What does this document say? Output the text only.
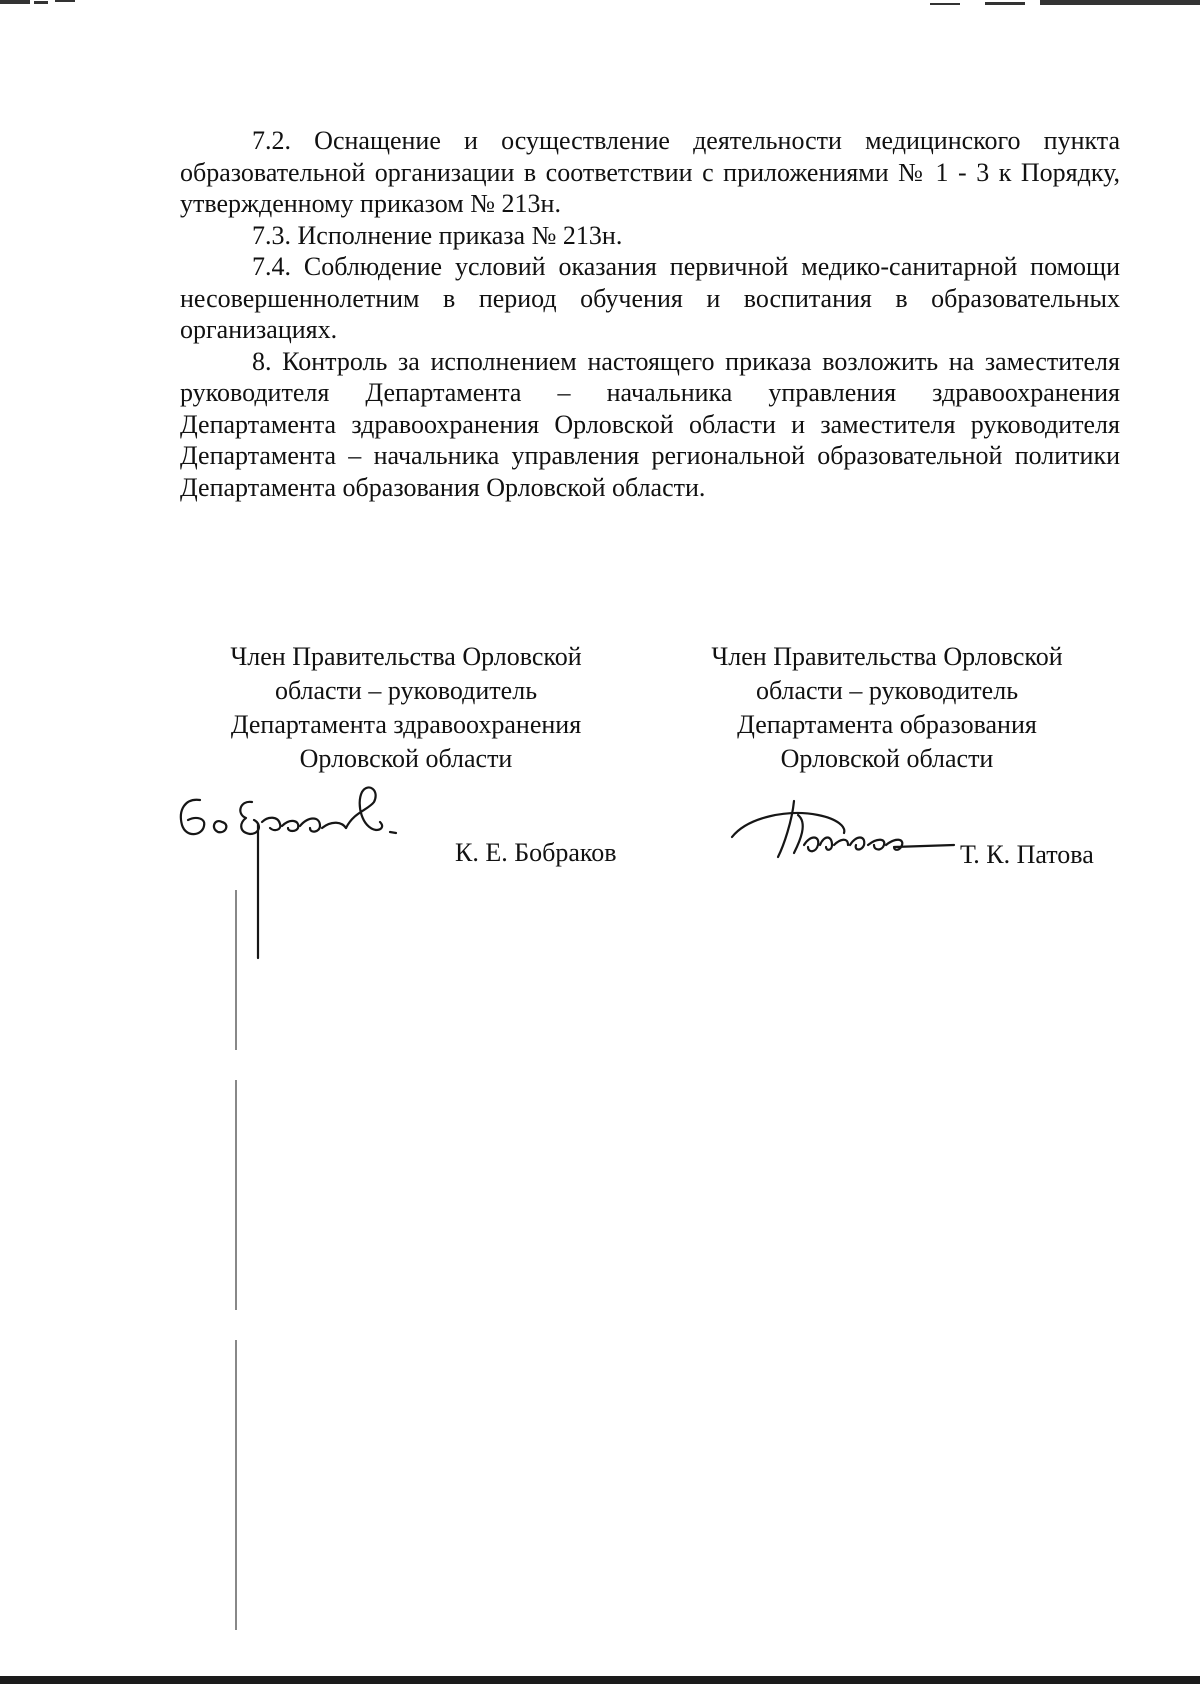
7.2. Оснащение и осуществление деятельности медицинского пункта образовательной организации в соответствии с приложениями № 1 - 3 к Порядку, утвержденному приказом № 213н.

7.3. Исполнение приказа № 213н.

7.4. Соблюдение условий оказания первичной медико-санитарной помощи несовершеннолетним в период обучения и воспитания в образовательных организациях.

8. Контроль за исполнением настоящего приказа возложить на заместителя руководителя Департамента – начальника управления здравоохранения Департамента здравоохранения Орловской области и заместителя руководителя Департамента – начальника управления региональной образовательной политики Департамента образования Орловской области.

Член Правительства Орловской
области – руководитель
Департамента здравоохранения
Орловской области
Член Правительства Орловской
области – руководитель
Департамента образования
Орловской области
К. Е. Бобраков	Т. К. Патова
